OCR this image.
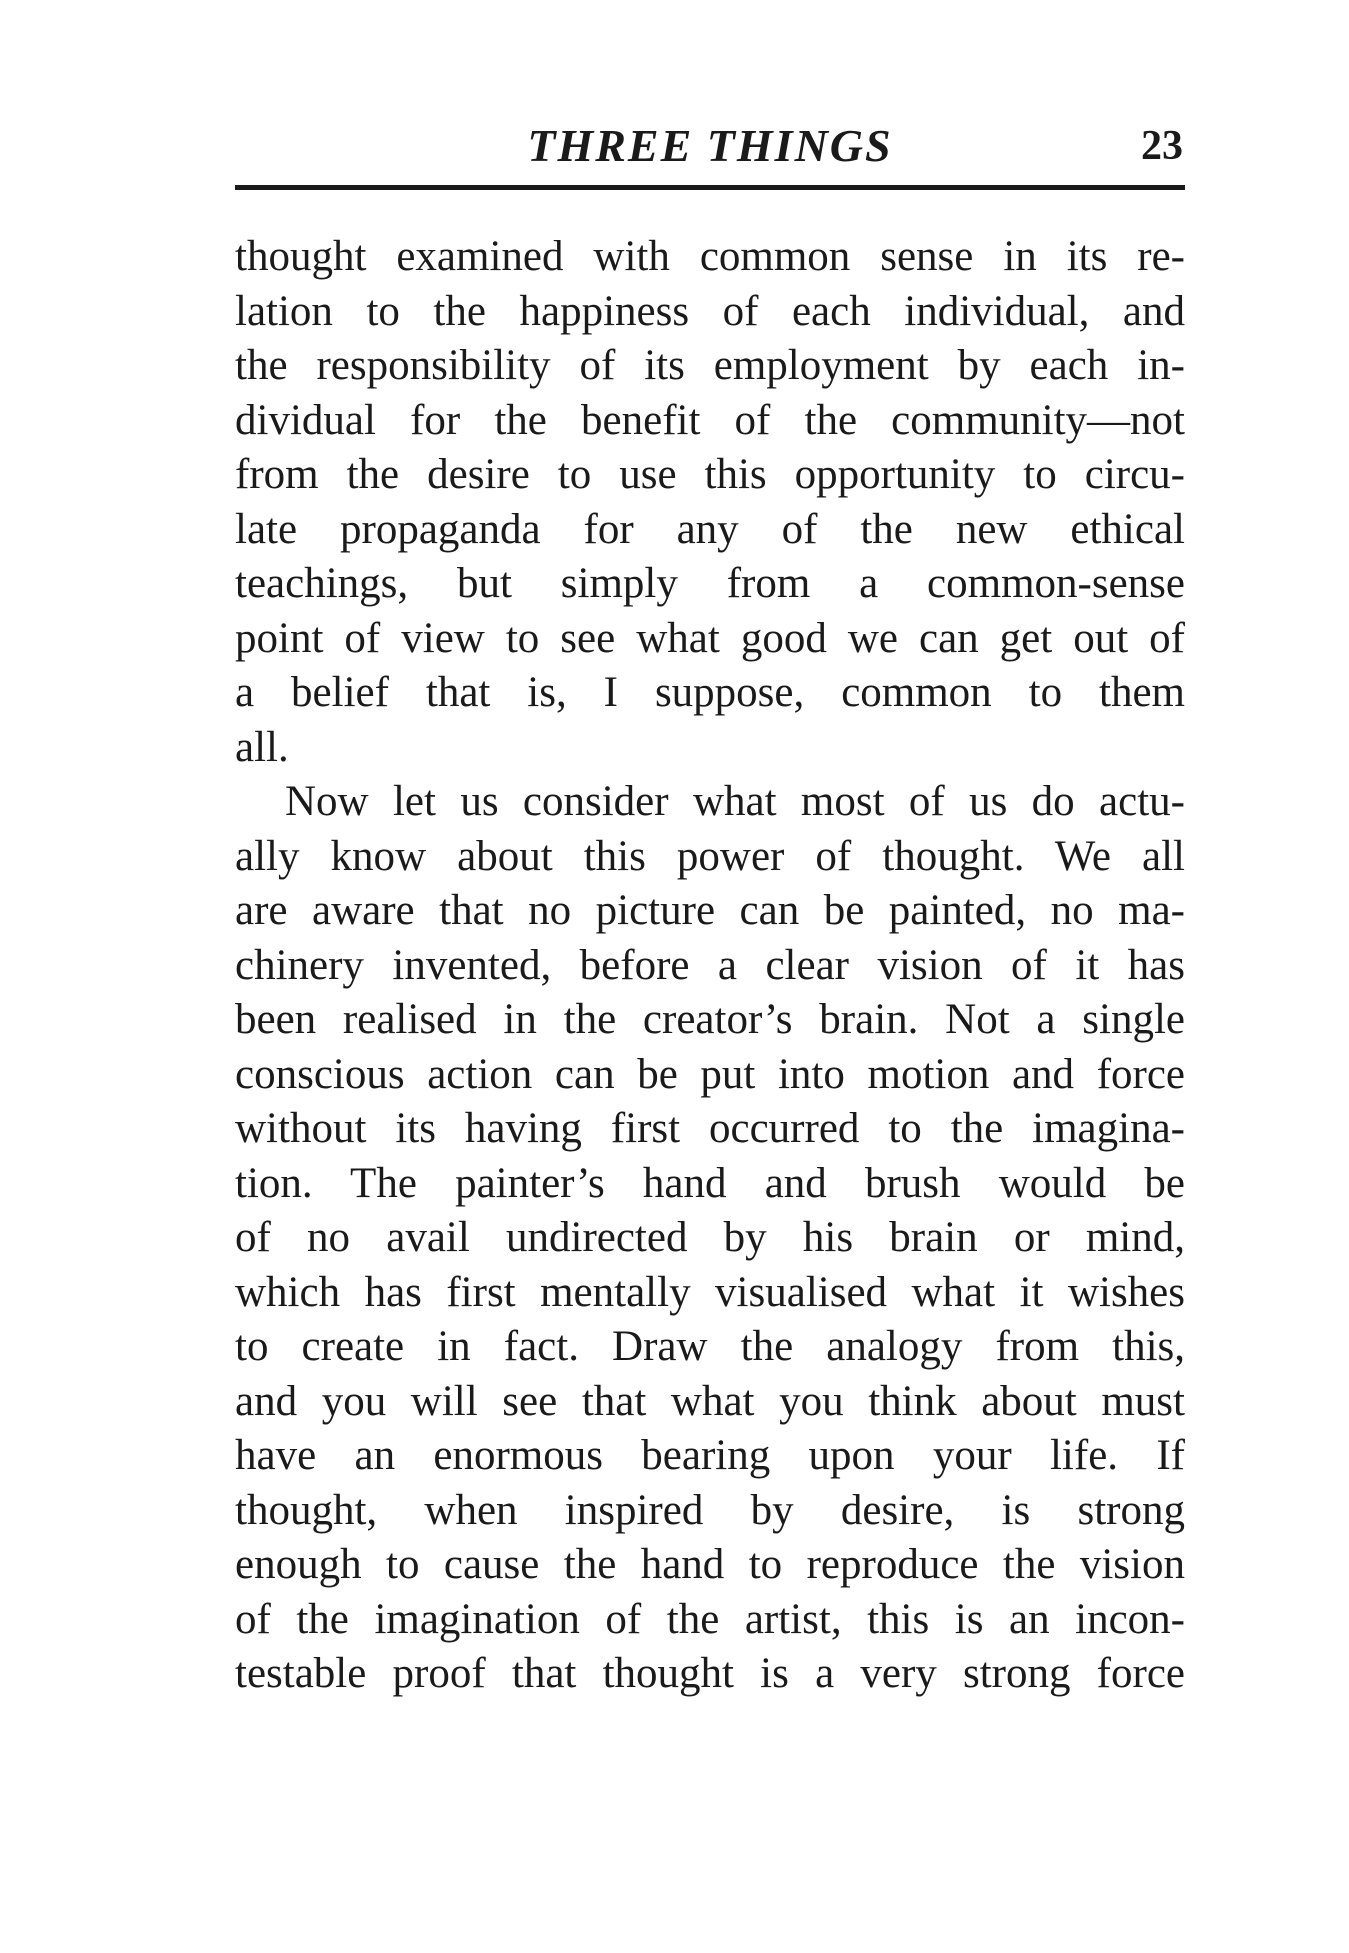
THREE THINGS	23
thought examined with common sense in its re-
lation to the happiness of each individual, and
the responsibility of its employment by each in-
dividual for the benefit of the community—not
from the desire to use this opportunity to circu-
late propaganda for any of the new ethical
teachings, but simply from a common-sense
point of view to see what good we can get out of
a belief that is, I suppose, common to them
all.
Now let us consider what most of us do actu-
ally know about this power of thought. We all
are aware that no picture can be painted, no ma-
chinery invented, before a clear vision of it has
been realised in the creator’s brain. Not a single
conscious action can be put into motion and force
without its having first occurred to the imagina-
tion. The painter’s hand and brush would be
of no avail undirected by his brain or mind,
which has first mentally visualised what it wishes
to create in fact. Draw the analogy from this,
and you will see that what you think about must
have an enormous bearing upon your life. If
thought, when inspired by desire, is strong
enough to cause the hand to reproduce the vision
of the imagination of the artist, this is an incon-
testable proof that thought is a very strong force
